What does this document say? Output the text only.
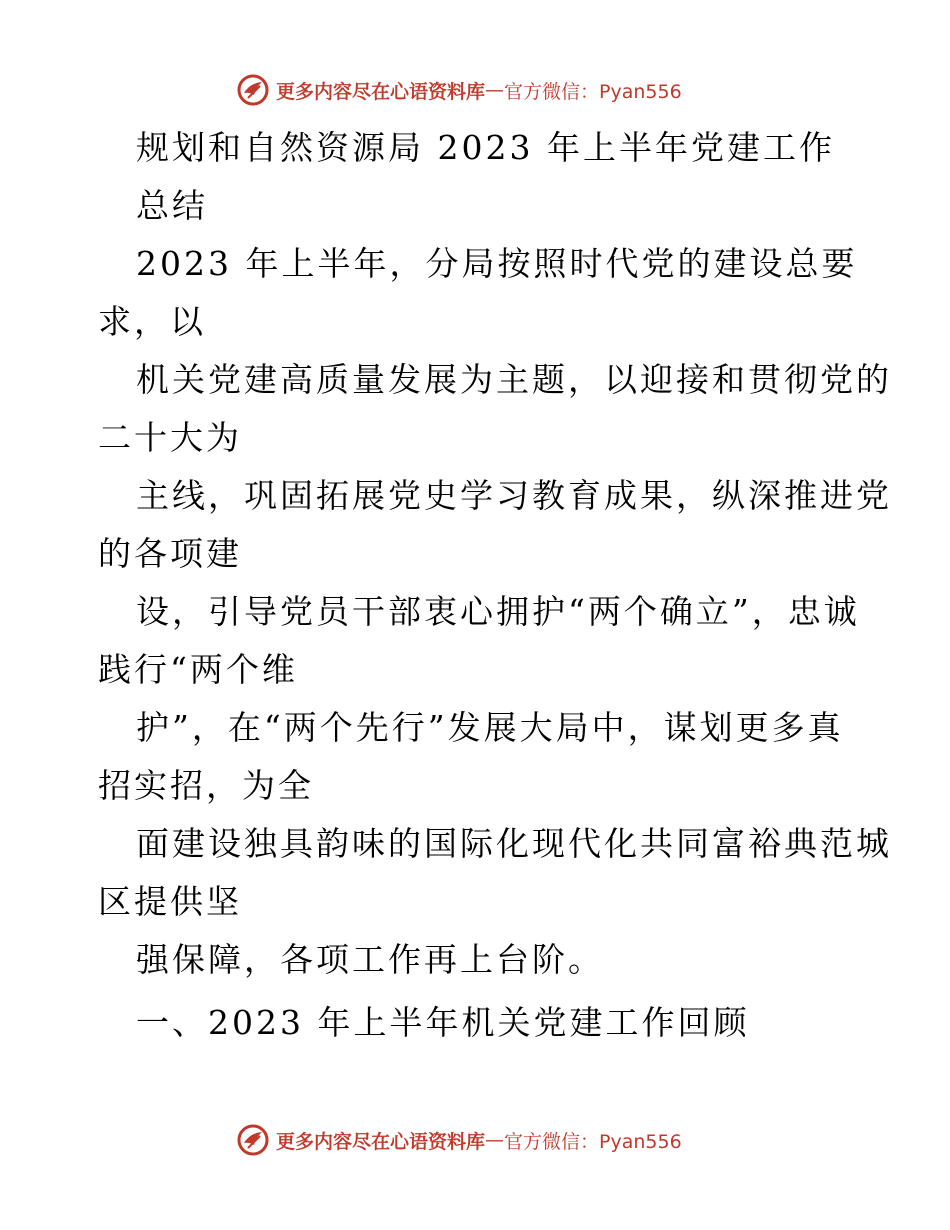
更多内容尽在心语资料库 — 官方微信：Pyan556
规划和自然资源局 2023 年上半年党建工作
总结
2023 年上半年，分局按照时代党的建设总要
求，以
机关党建高质量发展为主题，以迎接和贯彻党的
二十大为
主线，巩固拓展党史学习教育成果，纵深推进党
的各项建
设，引导党员干部衷心拥护“两个确立”，忠诚
践行“两个维
护”，在“两个先行”发展大局中，谋划更多真
招实招，为全
面建设独具韵味的国际化现代化共同富裕典范城
区提供坚
强保障，各项工作再上台阶。
一、2023 年上半年机关党建工作回顾
更多内容尽在心语资料库 — 官方微信：Pyan556
